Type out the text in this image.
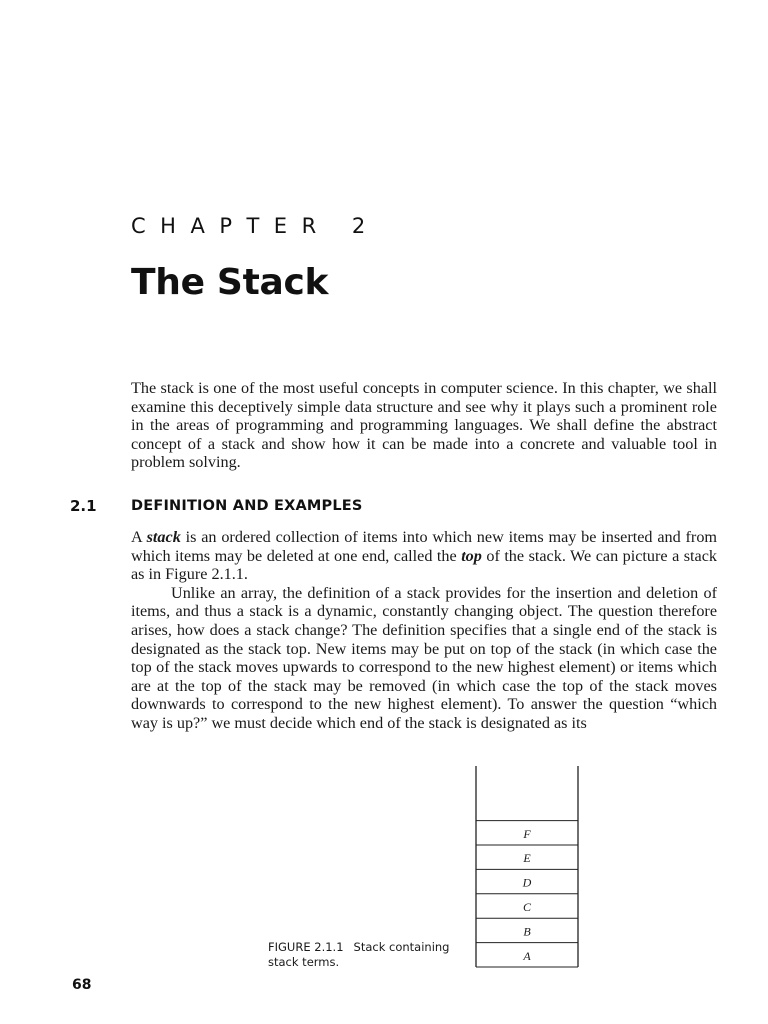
CHAPTER 2
The Stack

The stack is one of the most useful concepts in computer science. In this chapter, we shall examine this deceptively simple data structure and see why it plays such a prominent role in the areas of programming and programming languages. We shall define the abstract concept of a stack and show how it can be made into a concrete and valuable tool in problem solving.

2.1 DEFINITION AND EXAMPLES

A stack is an ordered collection of items into which new items may be inserted and from which items may be deleted at one end, called the top of the stack. We can picture a stack as in Figure 2.1.1.

Unlike an array, the definition of a stack provides for the insertion and deletion of items, and thus a stack is a dynamic, constantly changing object. The question therefore arises, how does a stack change? The definition specifies that a single end of the stack is designated as the stack top. New items may be put on top of the stack (in which case the top of the stack moves upwards to correspond to the new highest element) or items which are at the top of the stack may be removed (in which case the top of the stack moves downwards to correspond to the new highest element). To answer the question “which way is up?” we must decide which end of the stack is designated as its

F
E
D
C
B
A
FIGURE 2.1.1 Stack containing stack terms.
68
